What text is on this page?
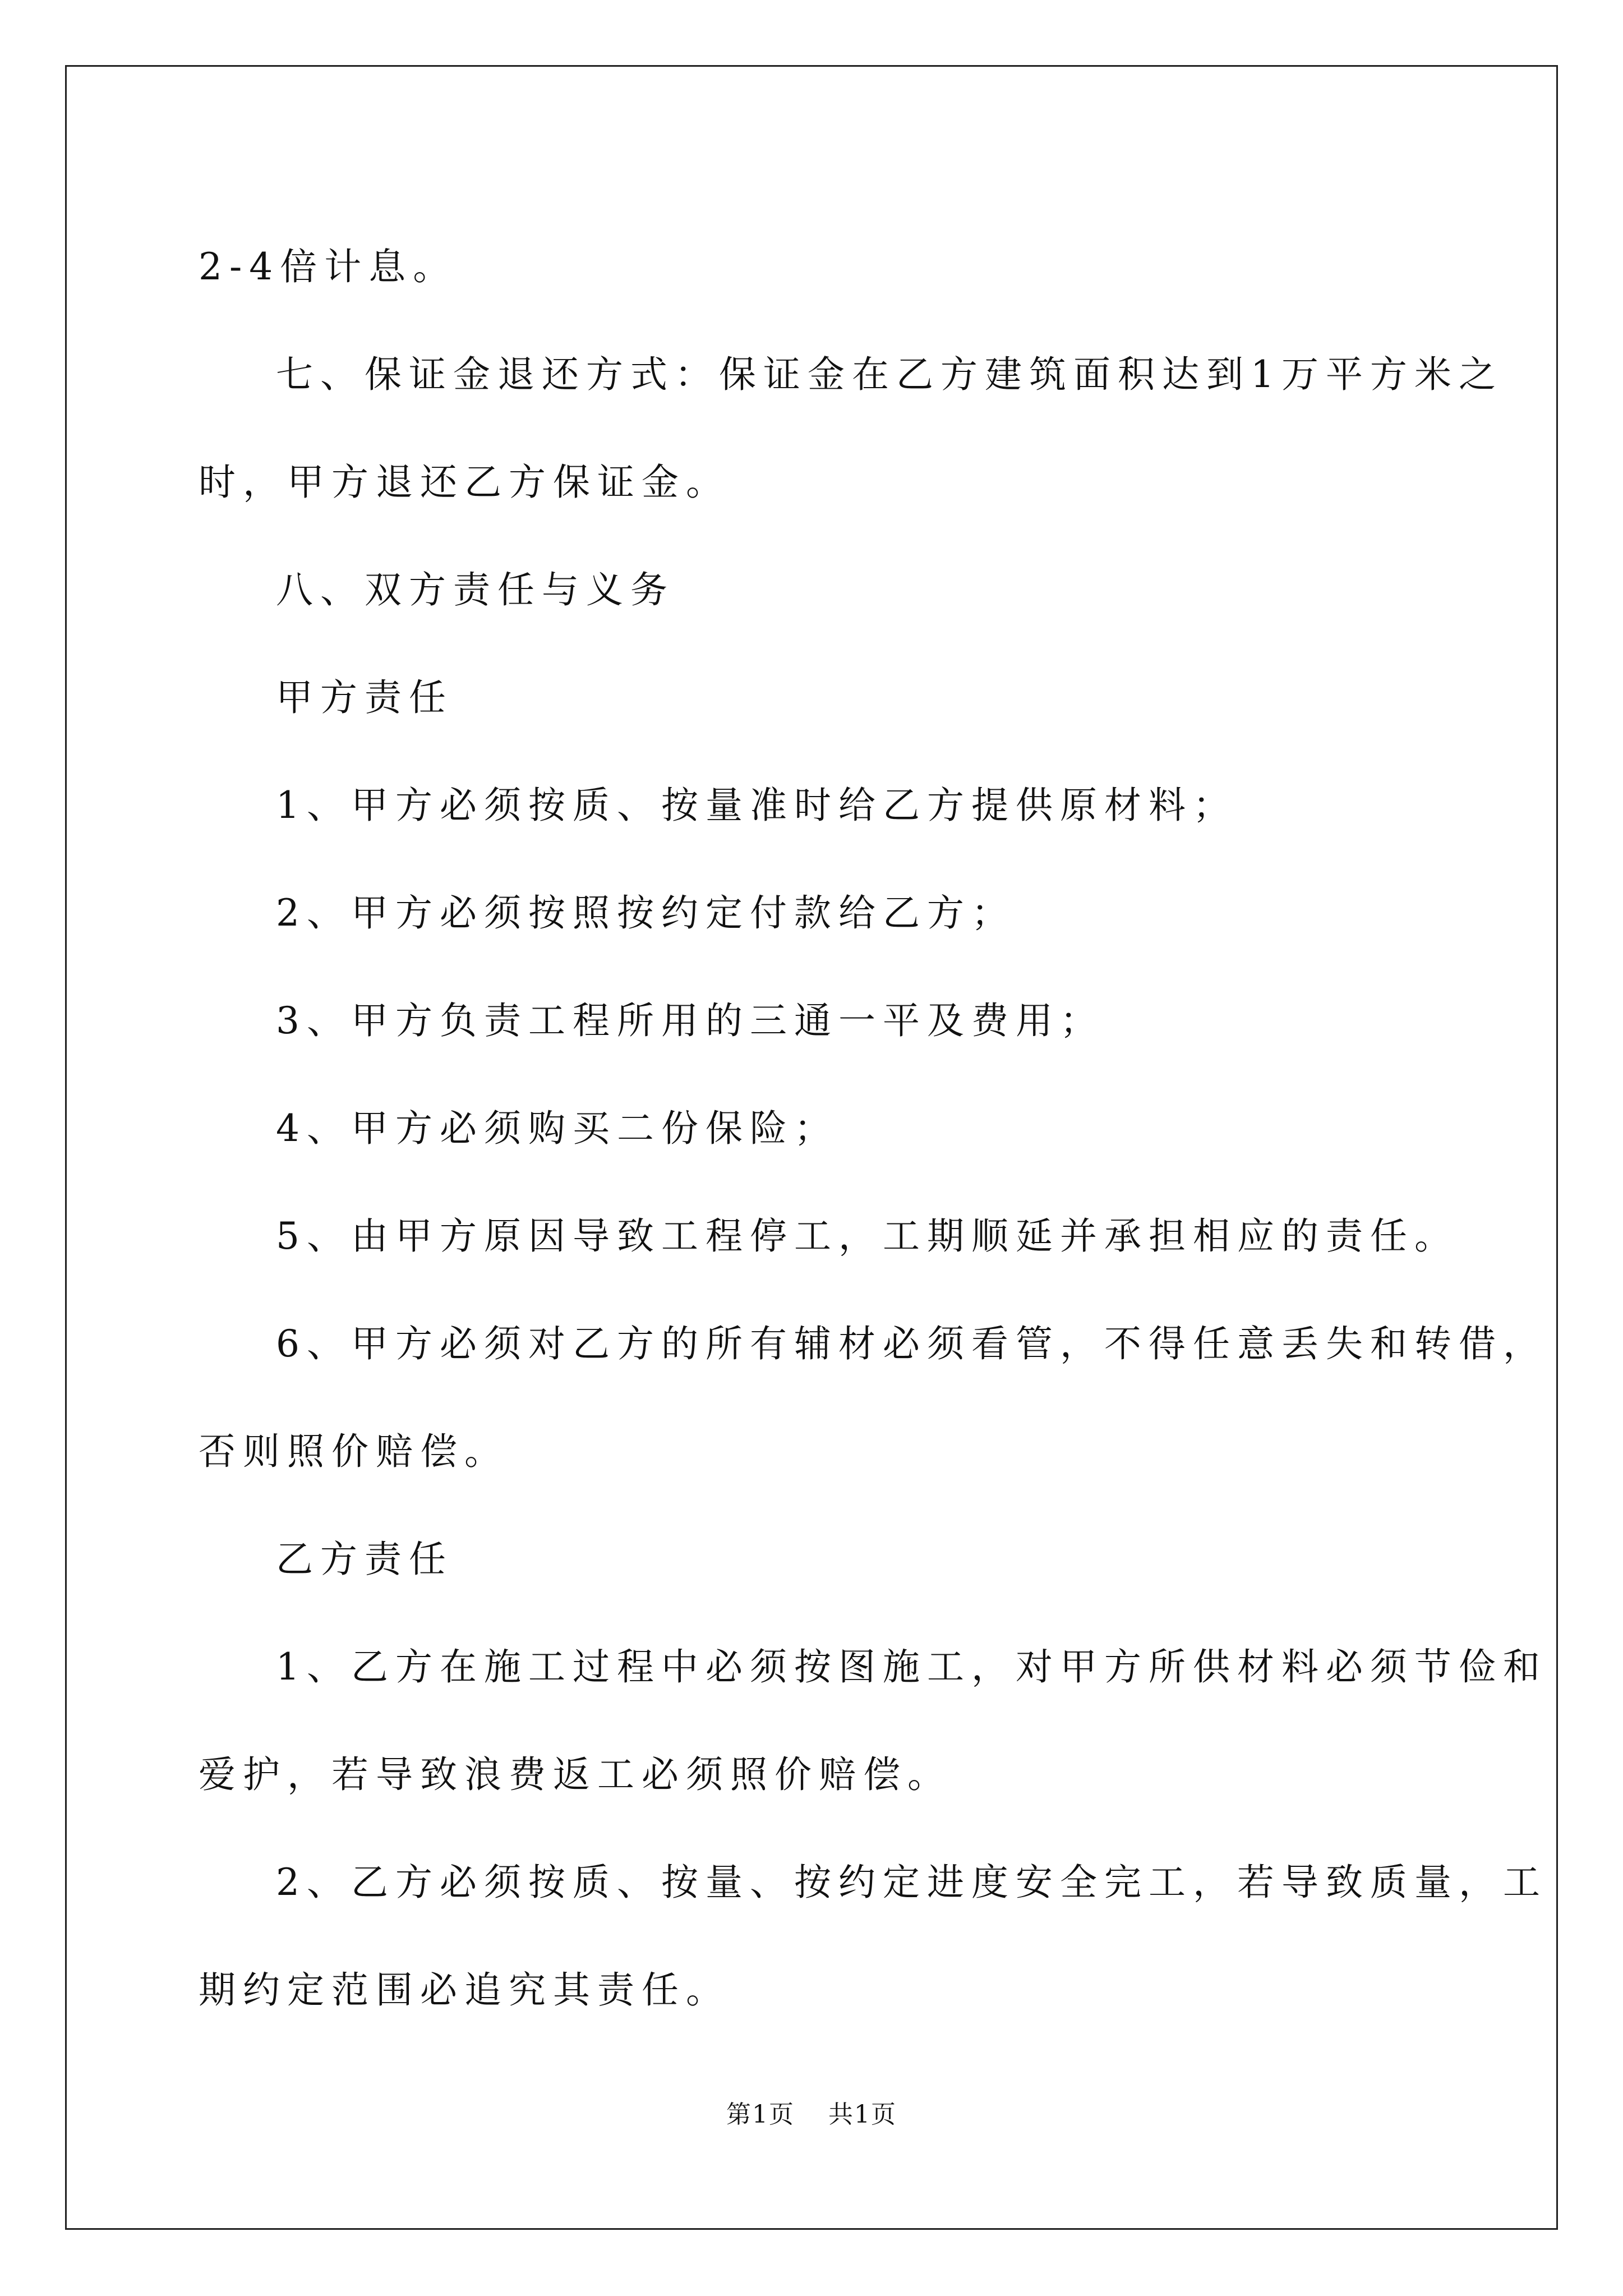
2-4倍计息。

七、保证金退还方式：保证金在乙方建筑面积达到1万平方米之

时，甲方退还乙方保证金。

八、双方责任与义务

甲方责任

1、甲方必须按质、按量准时给乙方提供原材料；

2、甲方必须按照按约定付款给乙方；

3、甲方负责工程所用的三通一平及费用；

4、甲方必须购买二份保险；

5、由甲方原因导致工程停工，工期顺延并承担相应的责任。

6、甲方必须对乙方的所有辅材必须看管，不得任意丢失和转借，

否则照价赔偿。

乙方责任

1、乙方在施工过程中必须按图施工，对甲方所供材料必须节俭和

爱护，若导致浪费返工必须照价赔偿。

2、乙方必须按质、按量、按约定进度安全完工，若导致质量，工

期约定范围必追究其责任。

第1页 共1页
